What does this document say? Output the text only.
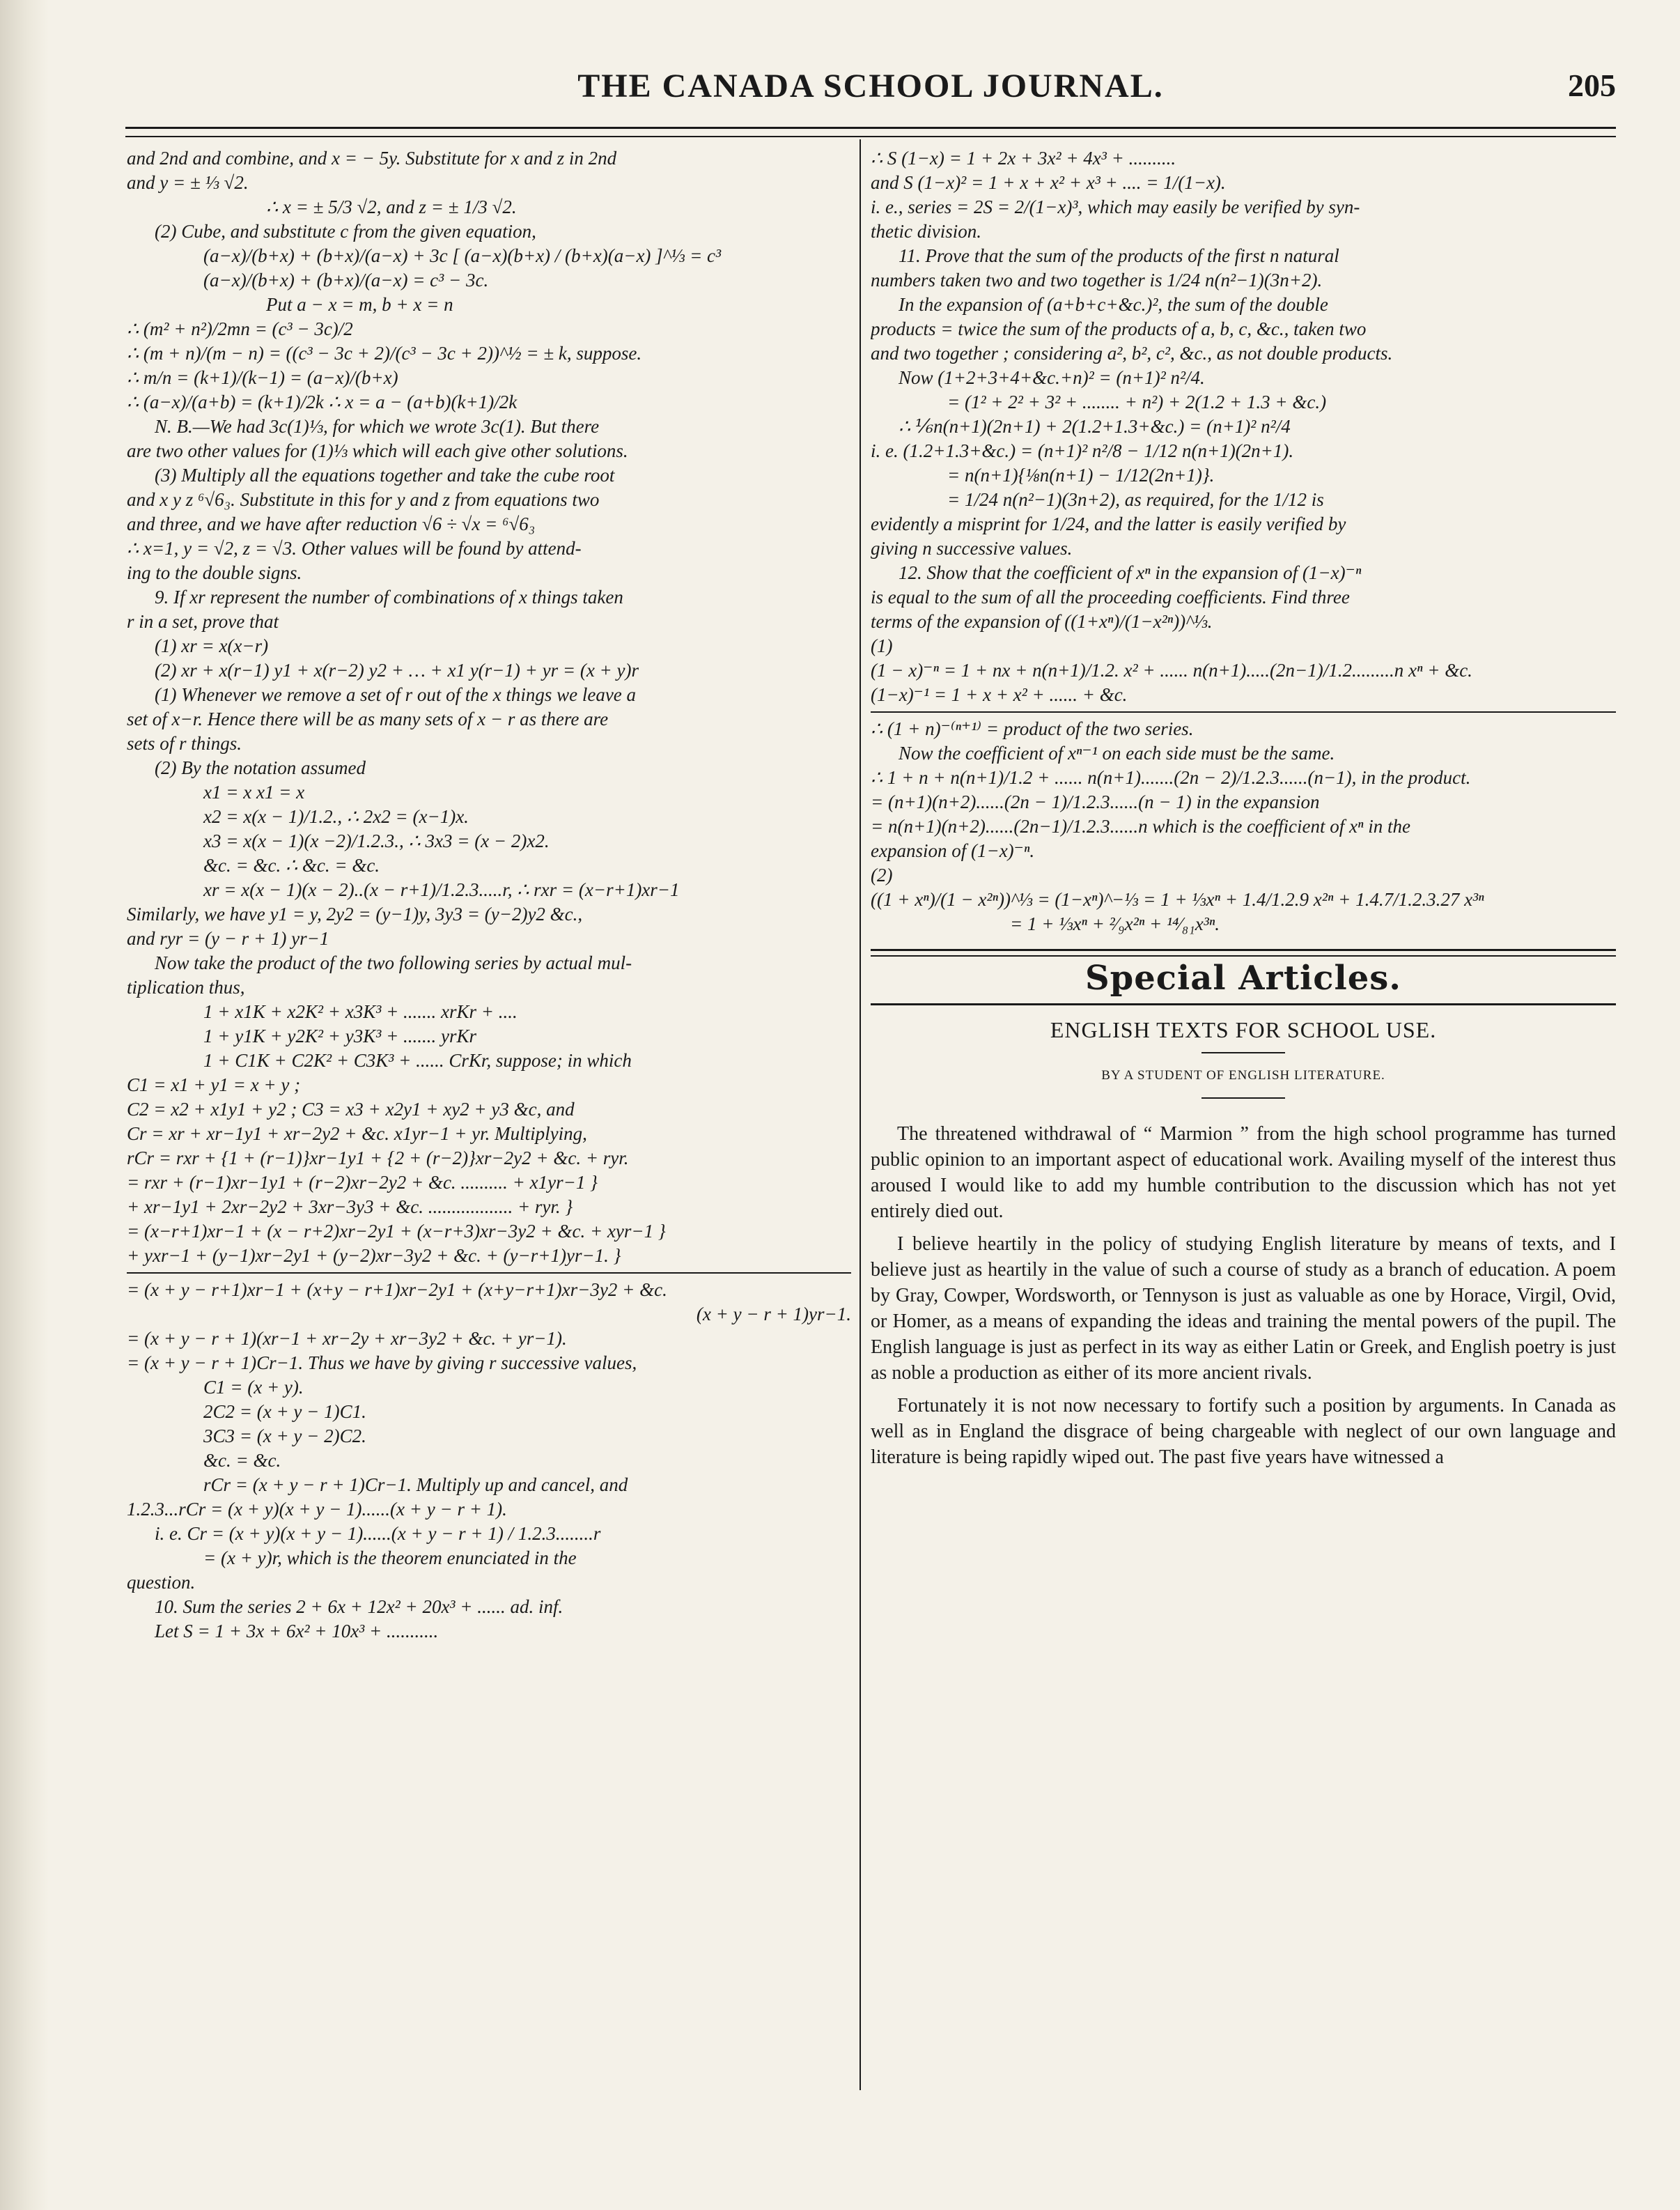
THE CANADA SCHOOL JOURNAL.	205
and 2nd and combine, and x = − 5y. Substitute for x and z in 2nd
and y = ± ⅓ √2.
∴ x = ± 5/3 √2, and z = ± 1/3 √2.
(2) Cube, and substitute c from the given equation,
(a−x)/(b+x) + (b+x)/(a−x) + 3c [ (a−x)(b+x) / (b+x)(a−x) ]^⅓ = c³
(a−x)/(b+x) + (b+x)/(a−x) = c³ − 3c.
Put a − x = m, b + x = n
∴ (m² + n²)/2mn = (c³ − 3c)/2
∴ (m + n)/(m − n) = ((c³ − 3c + 2)/(c³ − 3c + 2))^½ = ± k, suppose.
∴ m/n = (k+1)/(k−1) = (a−x)/(b+x)
∴ (a−x)/(a+b) = (k+1)/2k ∴ x = a − (a+b)(k+1)/2k
N. B.—We had 3c(1)⅓, for which we wrote 3c(1). But there
are two other values for (1)⅓ which will each give other solutions.
(3) Multiply all the equations together and take the cube root
and x y z ⁶√6₃. Substitute in this for y and z from equations two
and three, and we have after reduction √6 ÷ √x = ⁶√6₃
∴ x=1, y = √2, z = √3. Other values will be found by attend-
ing to the double signs.
9. If xr represent the number of combinations of x things taken
r in a set, prove that
(1) xr = x(x−r)
(2) xr + x(r−1) y1 + x(r−2) y2 + … + x1 y(r−1) + yr = (x + y)r
(1) Whenever we remove a set of r out of the x things we leave a
set of x−r. Hence there will be as many sets of x − r as there are
sets of r things.
(2) By the notation assumed
x1 = x x1 = x
x2 = x(x − 1)/1.2., ∴ 2x2 = (x−1)x.
x3 = x(x − 1)(x −2)/1.2.3., ∴ 3x3 = (x − 2)x2.
&c. = &c. ∴ &c. = &c.
xr = x(x − 1)(x − 2)..(x − r+1)/1.2.3.....r, ∴ rxr = (x−r+1)xr−1
Similarly, we have y1 = y, 2y2 = (y−1)y, 3y3 = (y−2)y2 &c.,
and ryr = (y − r + 1) yr−1
Now take the product of the two following series by actual mul-
tiplication thus,
1 + x1K + x2K² + x3K³ + ....... xrKr + ....
1 + y1K + y2K² + y3K³ + ....... yrKr
1 + C1K + C2K² + C3K³ + ...... CrKr, suppose; in which
C1 = x1 + y1 = x + y ;
C2 = x2 + x1y1 + y2 ; C3 = x3 + x2y1 + xy2 + y3 &c, and
Cr = xr + xr−1y1 + xr−2y2 + &c. x1yr−1 + yr. Multiplying,
rCr = rxr + {1 + (r−1)}xr−1y1 + {2 + (r−2)}xr−2y2 + &c. + ryr.
= rxr + (r−1)xr−1y1 + (r−2)xr−2y2 + &c. .......... + x1yr−1 }
+ xr−1y1 + 2xr−2y2 + 3xr−3y3 + &c. .................. + ryr. }
= (x−r+1)xr−1 + (x − r+2)xr−2y1 + (x−r+3)xr−3y2 + &c. + xyr−1 }
+ yxr−1 + (y−1)xr−2y1 + (y−2)xr−3y2 + &c. + (y−r+1)yr−1. }
= (x + y − r+1)xr−1 + (x+y − r+1)xr−2y1 + (x+y−r+1)xr−3y2 + &c.
(x + y − r + 1)yr−1.
= (x + y − r + 1)(xr−1 + xr−2y + xr−3y2 + &c. + yr−1).
= (x + y − r + 1)Cr−1. Thus we have by giving r successive values,
C1 = (x + y).
2C2 = (x + y − 1)C1.
3C3 = (x + y − 2)C2.
&c. = &c.
rCr = (x + y − r + 1)Cr−1. Multiply up and cancel, and
1.2.3...rCr = (x + y)(x + y − 1)......(x + y − r + 1).
i. e. Cr = (x + y)(x + y − 1)......(x + y − r + 1) / 1.2.3........r
= (x + y)r, which is the theorem enunciated in the
question.
10. Sum the series 2 + 6x + 12x² + 20x³ + ...... ad. inf.
Let S = 1 + 3x + 6x² + 10x³ + ...........
∴ S (1−x) = 1 + 2x + 3x² + 4x³ + ..........
and S (1−x)² = 1 + x + x² + x³ + .... = 1/(1−x).
i. e., series = 2S = 2/(1−x)³, which may easily be verified by syn-
thetic division.
11. Prove that the sum of the products of the first n natural
numbers taken two and two together is 1/24 n(n²−1)(3n+2).
In the expansion of (a+b+c+&c.)², the sum of the double
products = twice the sum of the products of a, b, c, &c., taken two
and two together ; considering a², b², c², &c., as not double products.
Now (1+2+3+4+&c.+n)² = (n+1)² n²/4.
= (1² + 2² + 3² + ........ + n²) + 2(1.2 + 1.3 + &c.)
∴ ⅙n(n+1)(2n+1) + 2(1.2+1.3+&c.) = (n+1)² n²/4
i. e. (1.2+1.3+&c.) = (n+1)² n²/8 − 1/12 n(n+1)(2n+1).
= n(n+1){⅛n(n+1) − 1/12(2n+1)}.
= 1/24 n(n²−1)(3n+2), as required, for the 1/12 is
evidently a misprint for 1/24, and the latter is easily verified by
giving n successive values.
12. Show that the coefficient of xⁿ in the expansion of (1−x)⁻ⁿ
is equal to the sum of all the proceeding coefficients. Find three
terms of the expansion of ((1+xⁿ)/(1−x²ⁿ))^⅓.
(1)
(1 − x)⁻ⁿ = 1 + nx + n(n+1)/1.2. x² + ...... n(n+1).....(2n−1)/1.2.........n xⁿ + &c.
(1−x)⁻¹ = 1 + x + x² + ...... + &c.
∴ (1 + n)⁻⁽ⁿ⁺¹⁾ = product of the two series.
Now the coefficient of xⁿ⁻¹ on each side must be the same.
∴ 1 + n + n(n+1)/1.2 + ...... n(n+1).......(2n − 2)/1.2.3......(n−1), in the product.
= (n+1)(n+2)......(2n − 1)/1.2.3......(n − 1) in the expansion
= n(n+1)(n+2)......(2n−1)/1.2.3......n which is the coefficient of xⁿ in the
expansion of (1−x)⁻ⁿ.
(2)
((1 + xⁿ)/(1 − x²ⁿ))^⅓ = (1−xⁿ)^−⅓ = 1 + ⅓xⁿ + 1.4/1.2.9 x²ⁿ + 1.4.7/1.2.3.27 x³ⁿ
= 1 + ⅓xⁿ + ²⁄₉x²ⁿ + ¹⁴⁄₈₁x³ⁿ.
Special Articles.
ENGLISH TEXTS FOR SCHOOL USE.
BY A STUDENT OF ENGLISH LITERATURE.

The threatened withdrawal of “ Marmion ” from the high school programme has turned public opinion to an important aspect of educational work. Availing myself of the interest thus aroused I would like to add my humble contribution to the discussion which has not yet entirely died out.

I believe heartily in the policy of studying English literature by means of texts, and I believe just as heartily in the value of such a course of study as a branch of education. A poem by Gray, Cowper, Wordsworth, or Tennyson is just as valuable as one by Horace, Virgil, Ovid, or Homer, as a means of expanding the ideas and training the mental powers of the pupil. The English language is just as perfect in its way as either Latin or Greek, and English poetry is just as noble a production as either of its more ancient rivals.

Fortunately it is not now necessary to fortify such a position by arguments. In Canada as well as in England the disgrace of being chargeable with neglect of our own language and literature is being rapidly wiped out. The past five years have witnessed a
